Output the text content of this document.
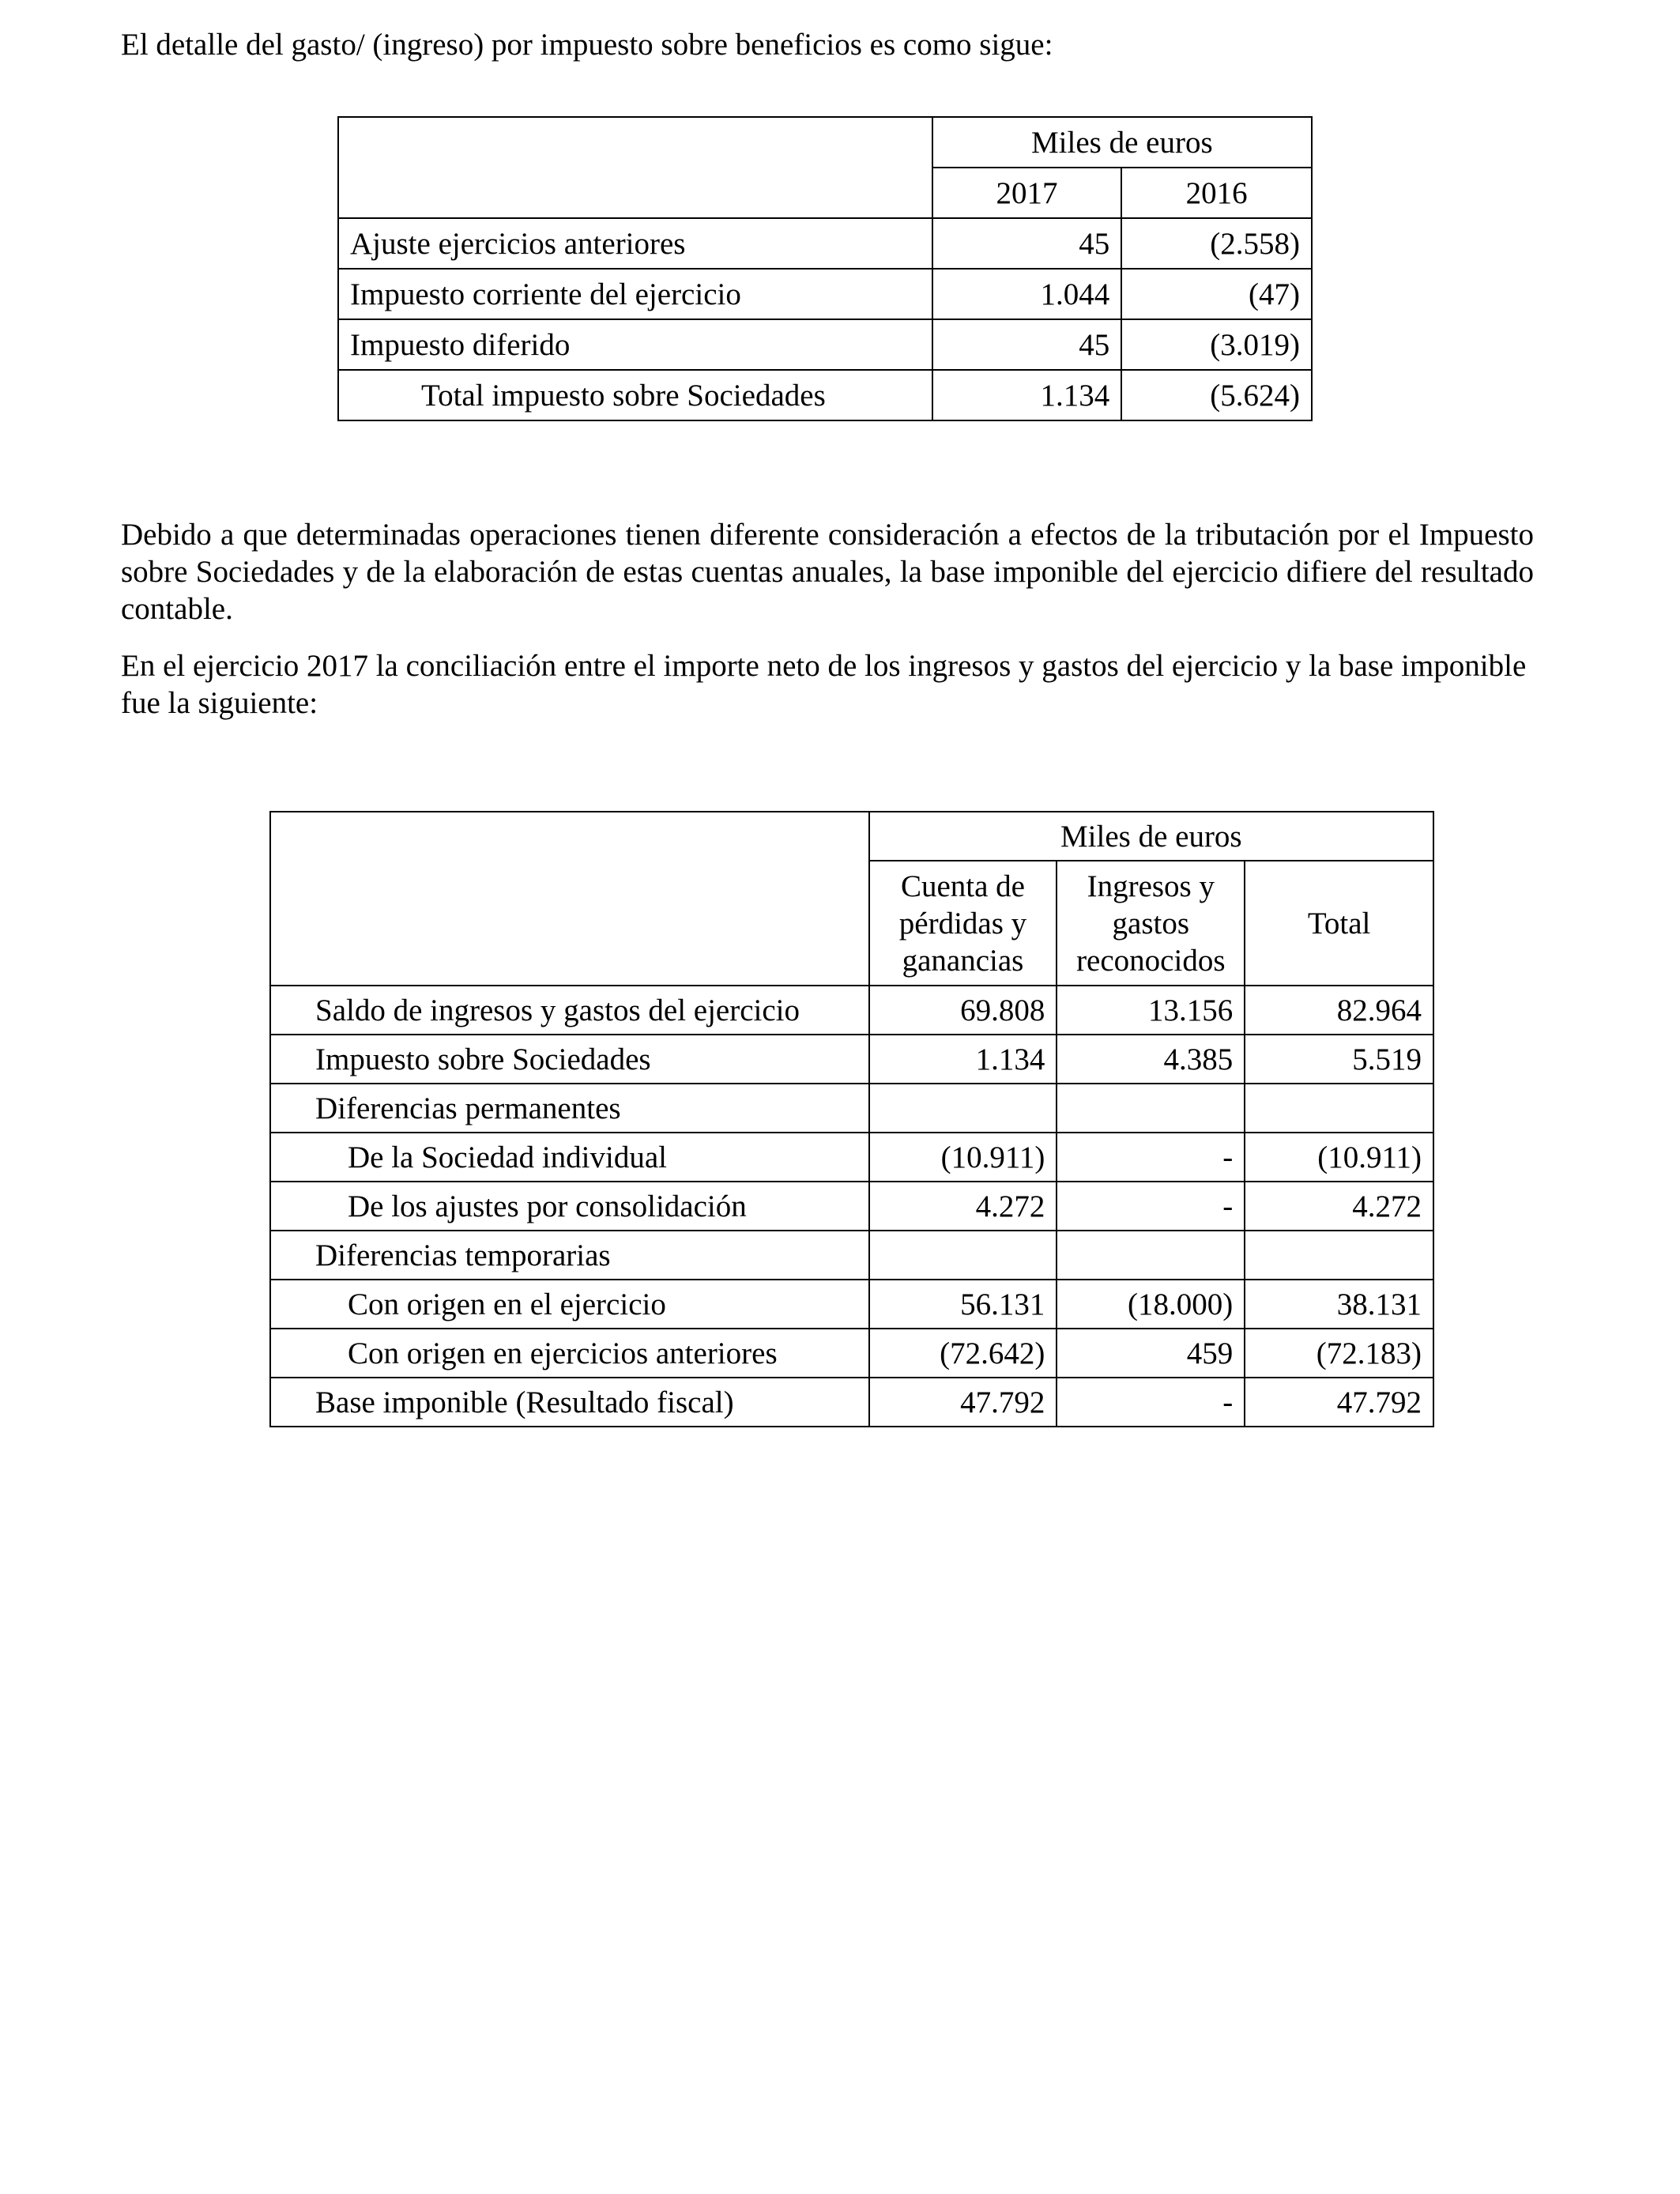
El detalle del gasto/ (ingreso) por impuesto sobre beneficios es como sigue:

	Miles de euros	
	2017	2016
Ajuste ejercicios anteriores	45	(2.558)
Impuesto corriente del ejercicio	1.044	(47)
Impuesto diferido	45	(3.019)
Total impuesto sobre Sociedades	1.134	(5.624)

Debido a que determinadas operaciones tienen diferente consideración a efectos de la tributación por el Impuesto sobre Sociedades y de la elaboración de estas cuentas anuales, la base imponible del ejercicio difiere del resultado contable.

En el ejercicio 2017 la conciliación entre el importe neto de los ingresos y gastos del ejercicio y la base imponible fue la siguiente:

	Miles de euros		
	Cuenta de
pérdidas y
ganancias	Ingresos y
gastos
reconocidos	Total
Saldo de ingresos y gastos del ejercicio	69.808	13.156	82.964
Impuesto sobre Sociedades	1.134	4.385	5.519
Diferencias permanentes			
De la Sociedad individual	(10.911)	-	(10.911)
De los ajustes por consolidación	4.272	-	4.272
Diferencias temporarias			
Con origen en el ejercicio	56.131	(18.000)	38.131
Con origen en ejercicios anteriores	(72.642)	459	(72.183)
Base imponible (Resultado fiscal)	47.792	-	47.792
